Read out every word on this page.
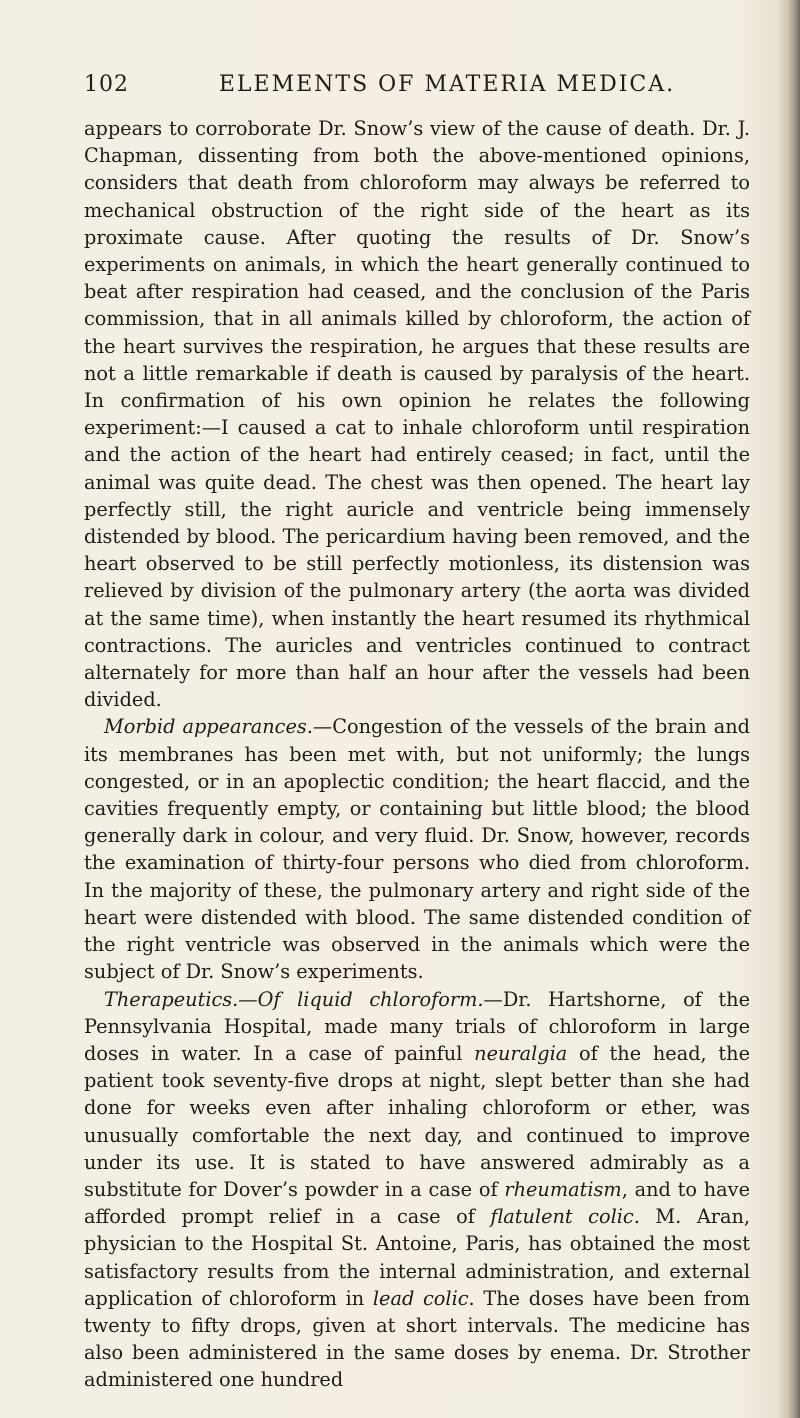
102	ELEMENTS OF MATERIA MEDICA.

appears to corroborate Dr. Snow’s view of the cause of death. Dr. J. Chapman, dissenting from both the above-mentioned opinions, considers that death from chloroform may always be referred to mechanical obstruction of the right side of the heart as its proximate cause. After quoting the results of Dr. Snow’s experiments on animals, in which the heart generally continued to beat after respiration had ceased, and the conclusion of the Paris commission, that in all animals killed by chloroform, the action of the heart survives the respiration, he argues that these results are not a little remarkable if death is caused by paralysis of the heart. In confirmation of his own opinion he relates the following experiment:—I caused a cat to inhale chloroform until respiration and the action of the heart had entirely ceased; in fact, until the animal was quite dead. The chest was then opened. The heart lay perfectly still, the right auricle and ventricle being immensely distended by blood. The pericardium having been removed, and the heart observed to be still perfectly motionless, its distension was relieved by division of the pulmonary artery (the aorta was divided at the same time), when instantly the heart resumed its rhythmical contractions. The auricles and ventricles continued to contract alternately for more than half an hour after the vessels had been divided.

Morbid appearances.—Congestion of the vessels of the brain and its membranes has been met with, but not uniformly; the lungs congested, or in an apoplectic condition; the heart flaccid, and the cavities frequently empty, or containing but little blood; the blood generally dark in colour, and very fluid. Dr. Snow, however, records the examination of thirty-four persons who died from chloroform. In the majority of these, the pulmonary artery and right side of the heart were distended with blood. The same distended condition of the right ventricle was observed in the animals which were the subject of Dr. Snow’s experiments.

Therapeutics.—Of liquid chloroform.—Dr. Hartshorne, of the Pennsylvania Hospital, made many trials of chloroform in large doses in water. In a case of painful neuralgia of the head, the patient took seventy-five drops at night, slept better than she had done for weeks even after inhaling chloroform or ether, was unusually comfortable the next day, and continued to improve under its use. It is stated to have answered admirably as a substitute for Dover’s powder in a case of rheumatism, and to have afforded prompt relief in a case of flatulent colic. M. Aran, physician to the Hospital St. Antoine, Paris, has obtained the most satisfactory results from the internal administration, and external application of chloroform in lead colic. The doses have been from twenty to fifty drops, given at short intervals. The medicine has also been administered in the same doses by enema. Dr. Strother administered one hundred
